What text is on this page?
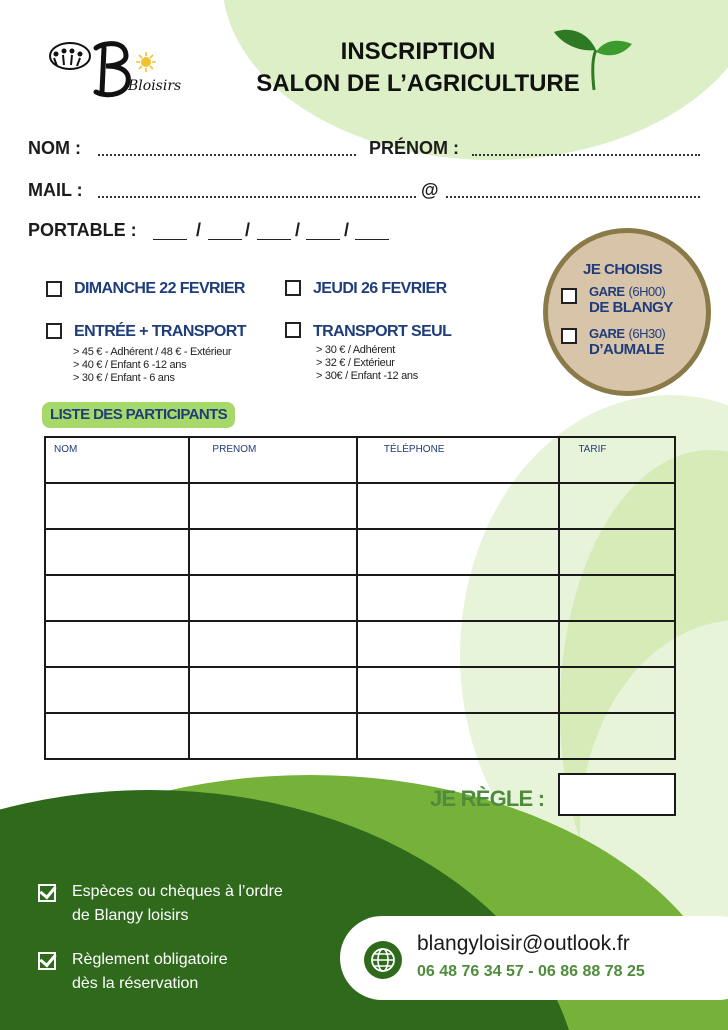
Bloisirs
INSCRIPTION
SALON DE L’AGRICULTURE
NOM :	PRÉNOM :
MAIL :	@
PORTABLE :	/ / / /
DIMANCHE 22 FEVRIER	JEUDI 26 FEVRIER
ENTRÉE + TRANSPORT
> 45 € - Adhérent / 48 € - Extérieur
> 40 € / Enfant 6 -12 ans
> 30 € / Enfant - 6 ans
TRANSPORT SEUL
> 30 € / Adhérent
> 32 € / Extérieur
> 30€ / Enfant -12 ans
JE CHOISIS
GARE (6H00)
DE BLANGY
GARE (6H30)
D’AUMALE
LISTE DES PARTICIPANTS
NOM	PRENOM	TÉLÉPHONE	TARIF

JE RÈGLE :
Espèces ou chèques à l’ordre
de Blangy loisirs
Règlement obligatoire
dès la réservation
blangyloisir@outlook.fr
06 48 76 34 57 - 06 86 88 78 25
